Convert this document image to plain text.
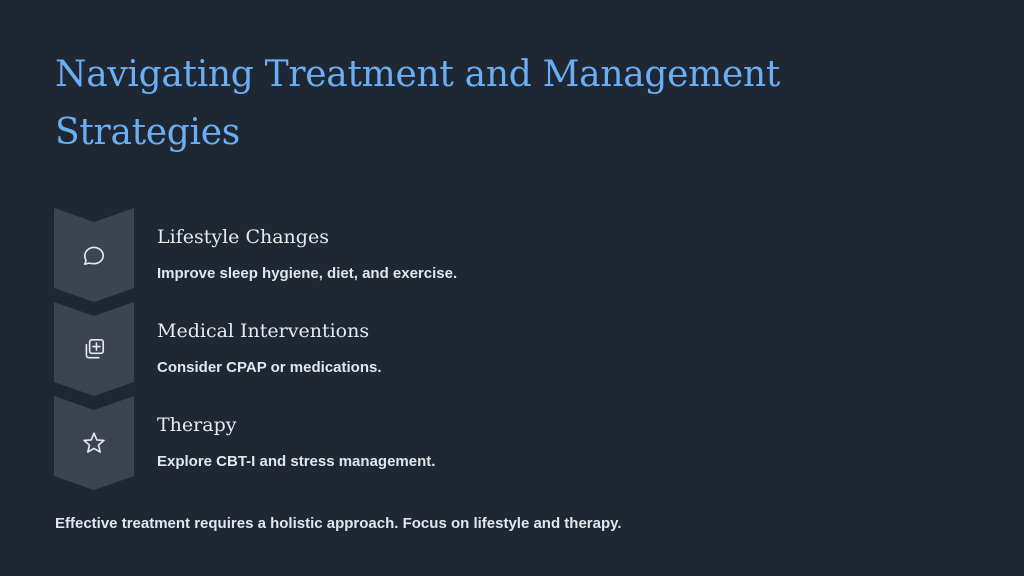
Navigating Treatment and Management Strategies
Lifestyle Changes
Improve sleep hygiene, diet, and exercise.
Medical Interventions
Consider CPAP or medications.
Therapy
Explore CBT-I and stress management.
Effective treatment requires a holistic approach. Focus on lifestyle and therapy.
